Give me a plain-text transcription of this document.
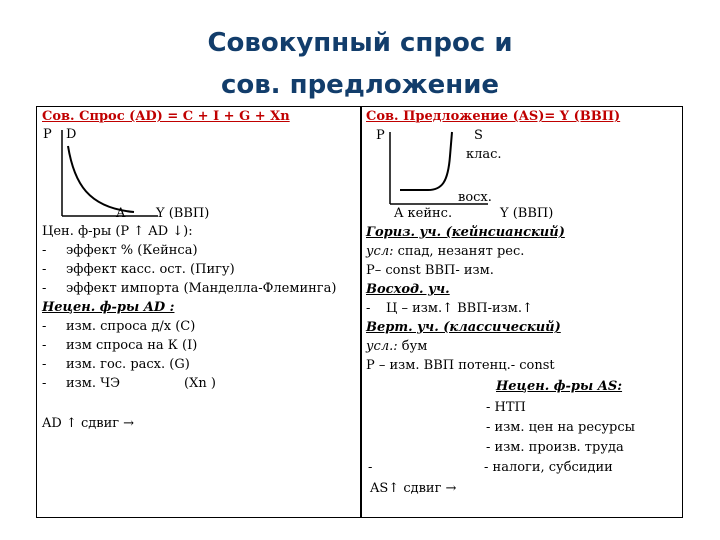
Совокупный спрос и
сов. предложение
Сов. Спрос (AD) = C + I + G + Xn
P D
A Y (ВВП)
Цен. ф-ры (P ↑ AD ↓):
- эффект % (Кейнса)
- эффект касс. ост. (Пигу)
- эффект импорта (Манделла-Флеминга)
Нецен. ф-ры AD :
- изм. спроса д/х (C)
- изм спроса на К (I)
- изм. гос. расх. (G)
- изм. ЧЭ	(Xn )
AD ↑ сдвиг →
Сов. Предложение (AS)= Y (ВВП)
P	S
клас.
восх.
A кейнс.	Y (ВВП)
Гориз. уч. (кейнсианский)
усл: спад, незанят рес.
P– const ВВП- изм.
Восход. уч.
- Ц – изм.↑ ВВП-изм.↑
Верт. уч. (классический)
усл.: бум
P – изм. ВВП потенц.- const
Нецен. ф-ры AS:
- НТП
- изм. цен на ресурсы
- изм. произв. труда
-	- налоги, субсидии
AS↑ сдвиг →
